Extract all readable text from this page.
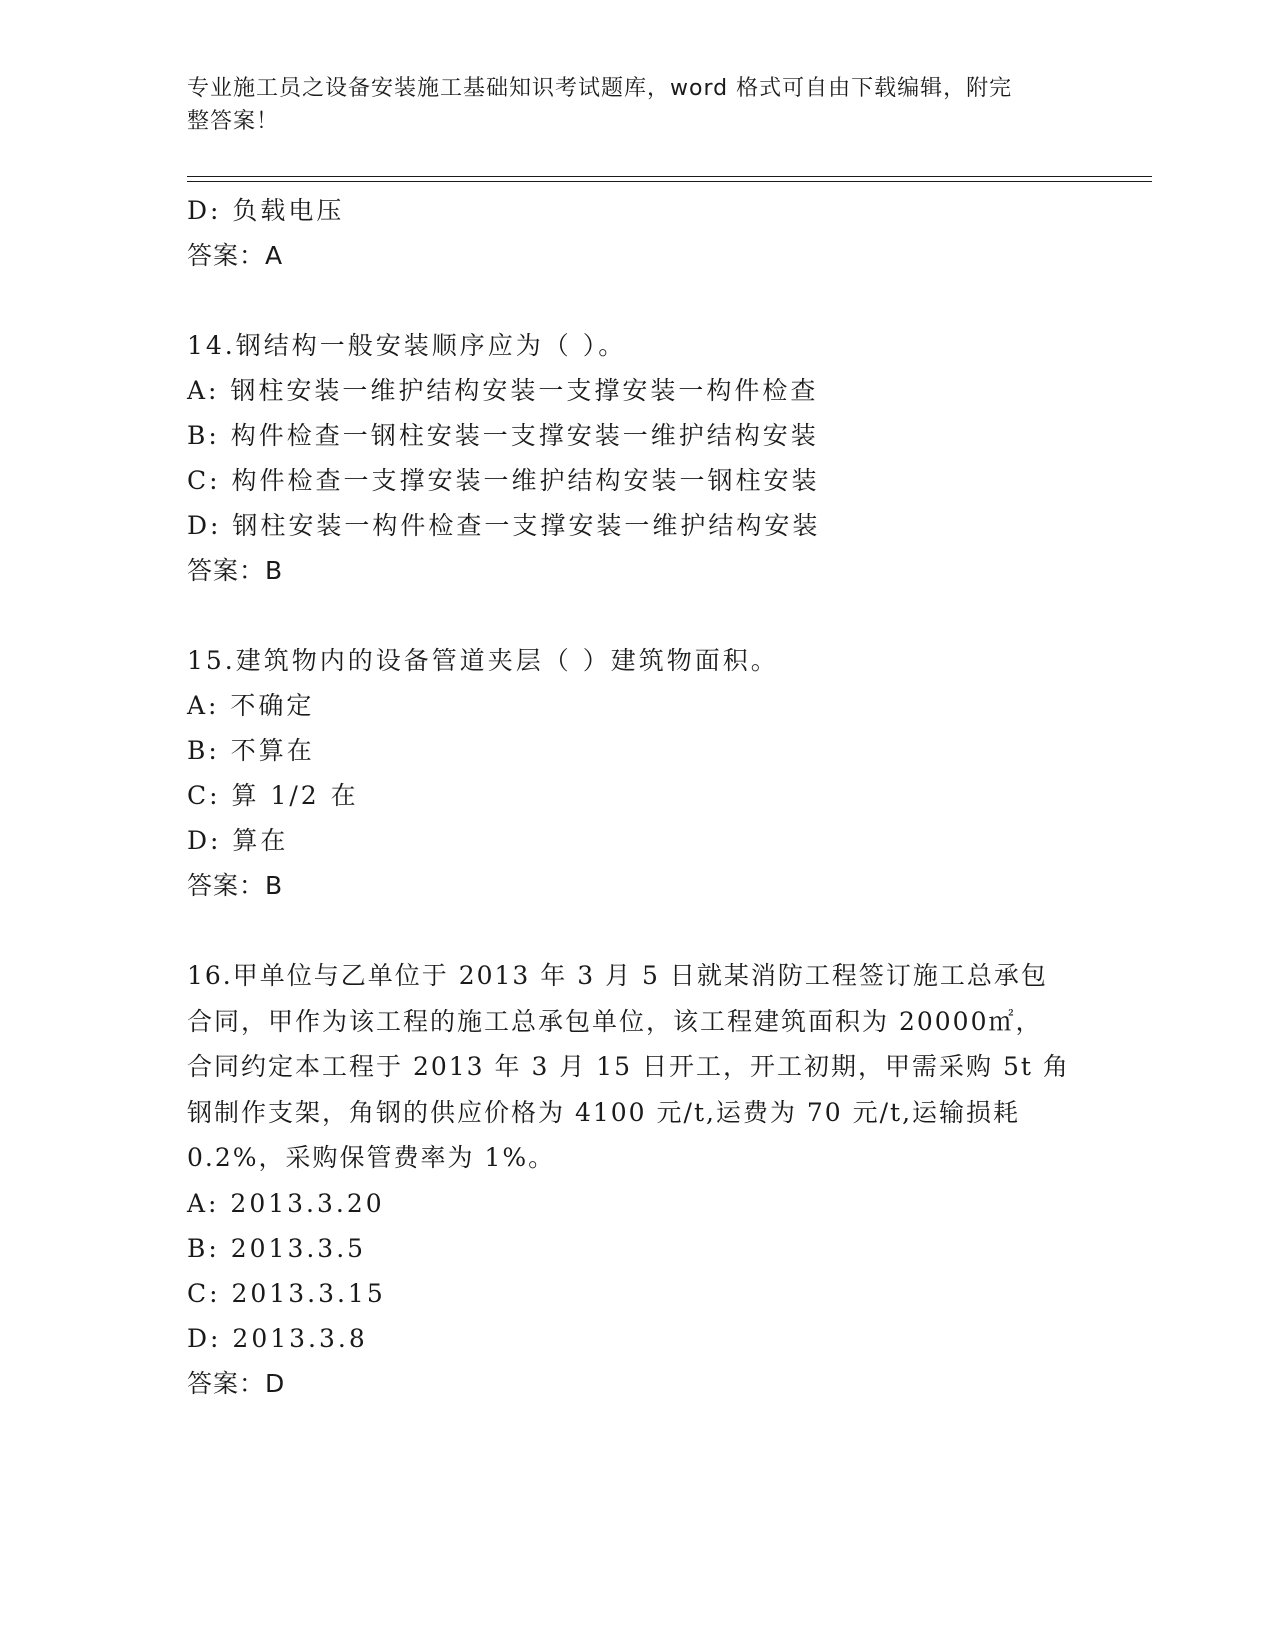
专业施工员之设备安装施工基础知识考试题库，word 格式可自由下载编辑，附完
整答案！
D: 负载电压
答案：A
14.钢结构一般安装顺序应为（ ）。
A: 钢柱安装一维护结构安装一支撑安装一构件检查
B: 构件检查一钢柱安装一支撑安装一维护结构安装
C: 构件检查一支撑安装一维护结构安装一钢柱安装
D: 钢柱安装一构件检查一支撑安装一维护结构安装
答案：B
15.建筑物内的设备管道夹层（ ）建筑物面积。
A: 不确定
B: 不算在
C: 算 1/2 在
D: 算在
答案：B
16.甲单位与乙单位于 2013 年 3 月 5 日就某消防工程签订施工总承包
合同，甲作为该工程的施工总承包单位，该工程建筑面积为 20000㎡，
合同约定本工程于 2013 年 3 月 15 日开工，开工初期，甲需采购 5t 角
钢制作支架，角钢的供应价格为 4100 元/t,运费为 70 元/t,运输损耗
0.2%，采购保管费率为 1%。
A: 2013.3.20
B: 2013.3.5
C: 2013.3.15
D: 2013.3.8
答案：D
